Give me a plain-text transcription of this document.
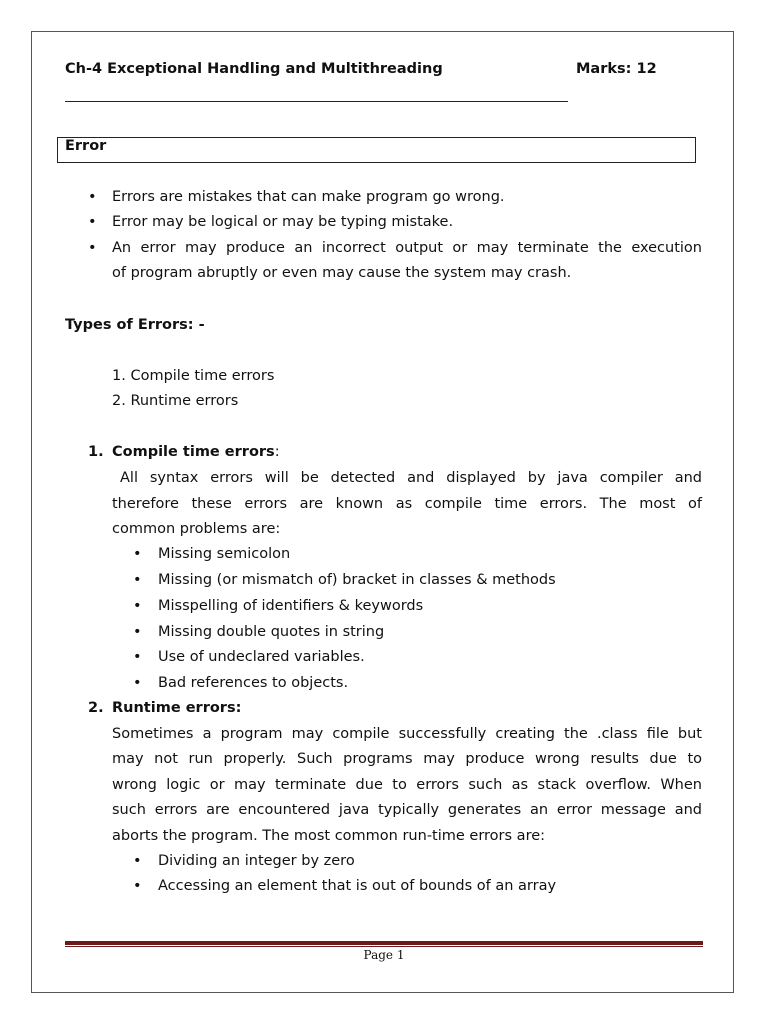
Ch-4 Exceptional Handling and Multithreading	Marks: 12
Error
• Errors are mistakes that can make program go wrong.
• Error may be logical or may be typing mistake.
• An error may produce an incorrect output or may terminate the execution
of program abruptly or even may cause the system may crash.
Types of Errors: -
1. Compile time errors
2. Runtime errors
1. Compile time errors:
All syntax errors will be detected and displayed by java compiler and
therefore these errors are known as compile time errors. The most of
common problems are:
• Missing semicolon
• Missing (or mismatch of) bracket in classes & methods
• Misspelling of identifiers & keywords
• Missing double quotes in string
• Use of undeclared variables.
• Bad references to objects.
2. Runtime errors:
Sometimes a program may compile successfully creating the .class file but
may not run properly. Such programs may produce wrong results due to
wrong logic or may terminate due to errors such as stack overflow. When
such errors are encountered java typically generates an error message and
aborts the program. The most common run-time errors are:
• Dividing an integer by zero
• Accessing an element that is out of bounds of an array
Page 1
